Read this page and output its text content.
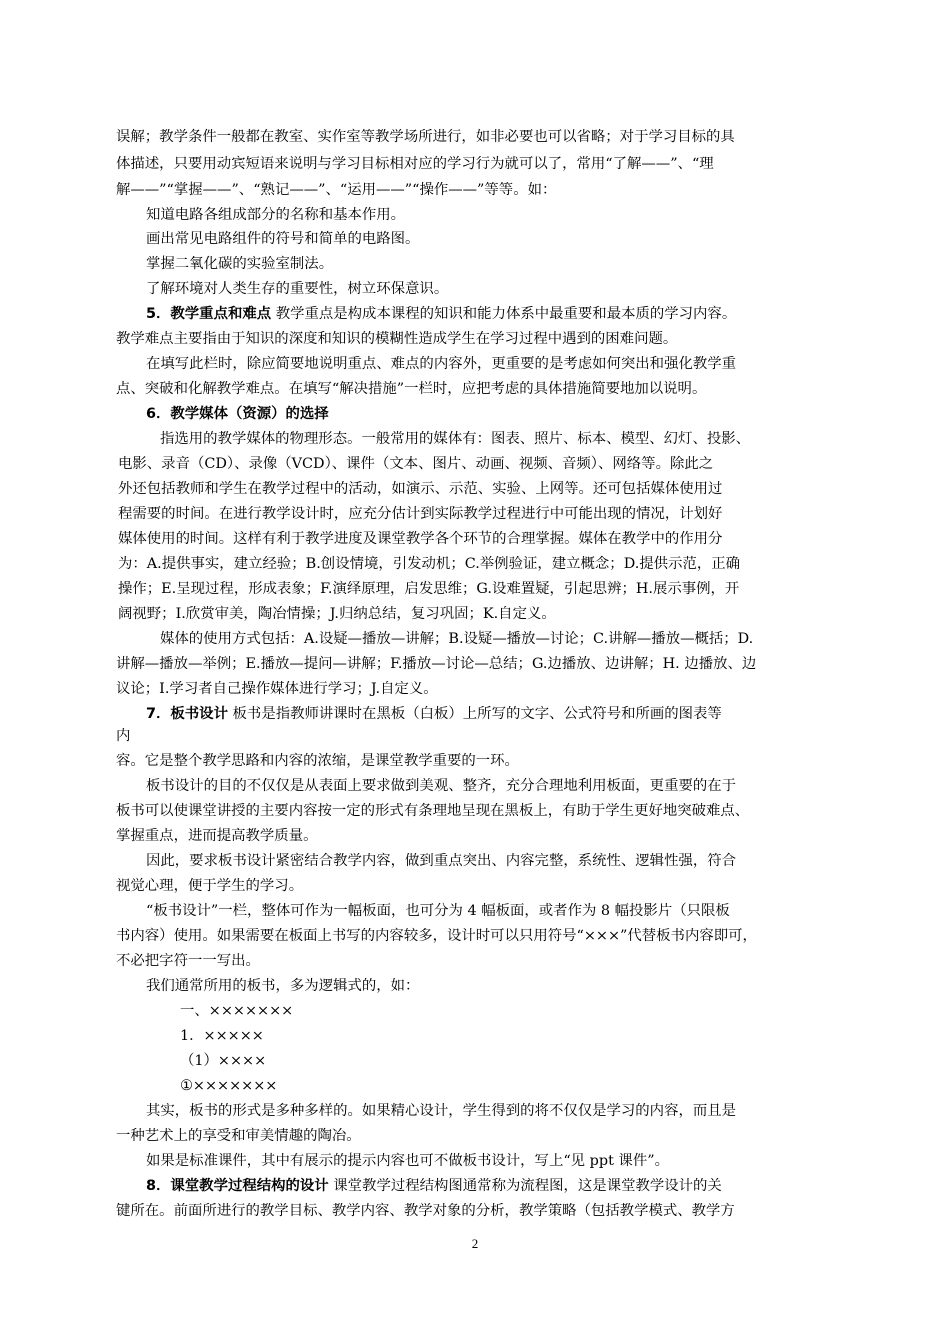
误解；教学条件一般都在教室、实作室等教学场所进行，如非必要也可以省略；对于学习目标的具
体描述，只要用动宾短语来说明与学习目标相对应的学习行为就可以了，常用“了解——”、“理
解——”“掌握——”、“熟记——”、“运用——”“操作——”等等。如：
知道电路各组成部分的名称和基本作用。
画出常见电路组件的符号和简单的电路图。
掌握二氧化碳的实验室制法。
了解环境对人类生存的重要性，树立环保意识。
5．教学重点和难点 教学重点是构成本课程的知识和能力体系中最重要和最本质的学习内容。
教学难点主要指由于知识的深度和知识的模糊性造成学生在学习过程中遇到的困难问题。
在填写此栏时，除应简要地说明重点、难点的内容外，更重要的是考虑如何突出和强化教学重
点、突破和化解教学难点。在填写“解决措施”一栏时，应把考虑的具体措施简要地加以说明。
6．教学媒体（资源）的选择
指选用的教学媒体的物理形态。一般常用的媒体有：图表、照片、标本、模型、幻灯、投影、
电影、录音（CD）、录像（VCD）、课件（文本、图片、动画、视频、音频）、网络等。除此之
外还包括教师和学生在教学过程中的活动，如演示、示范、实验、上网等。还可包括媒体使用过
程需要的时间。在进行教学设计时，应充分估计到实际教学过程进行中可能出现的情况，计划好
媒体使用的时间。这样有利于教学进度及课堂教学各个环节的合理掌握。媒体在教学中的作用分
为：A.提供事实，建立经验；B.创设情境，引发动机；C.举例验证，建立概念；D.提供示范，正确
操作；E.呈现过程，形成表象；F.演绎原理，启发思维；G.设难置疑，引起思辨；H.展示事例，开
阔视野；I.欣赏审美，陶冶情操；J.归纳总结，复习巩固；K.自定义。
媒体的使用方式包括：A.设疑—播放—讲解；B.设疑—播放—讨论；C.讲解—播放—概括；D.
讲解—播放—举例；E.播放—提问—讲解；F.播放—讨论—总结；G.边播放、边讲解；H. 边播放、边
议论；I.学习者自己操作媒体进行学习；J.自定义。
7．板书设计 板书是指教师讲课时在黑板（白板）上所写的文字、公式符号和所画的图表等
内
容。它是整个教学思路和内容的浓缩，是课堂教学重要的一环。
板书设计的目的不仅仅是从表面上要求做到美观、整齐，充分合理地利用板面，更重要的在于
板书可以使课堂讲授的主要内容按一定的形式有条理地呈现在黑板上，有助于学生更好地突破难点、
掌握重点，进而提高教学质量。
因此，要求板书设计紧密结合教学内容，做到重点突出、内容完整，系统性、逻辑性强，符合
视觉心理，便于学生的学习。
“板书设计”一栏，整体可作为一幅板面，也可分为 4 幅板面，或者作为 8 幅投影片（只限板
书内容）使用。如果需要在板面上书写的内容较多，设计时可以只用符号“×××”代替板书内容即可，
不必把字符一一写出。
我们通常所用的板书，多为逻辑式的，如：
一、×××××××
1．×××××
（1）××××
①×××××××
其实，板书的形式是多种多样的。如果精心设计，学生得到的将不仅仅是学习的内容，而且是
一种艺术上的享受和审美情趣的陶冶。
如果是标准课件，其中有展示的提示内容也可不做板书设计，写上“见 ppt 课件”。
8．课堂教学过程结构的设计 课堂教学过程结构图通常称为流程图，这是课堂教学设计的关
键所在。前面所进行的教学目标、教学内容、教学对象的分析，教学策略（包括教学模式、教学方
2
